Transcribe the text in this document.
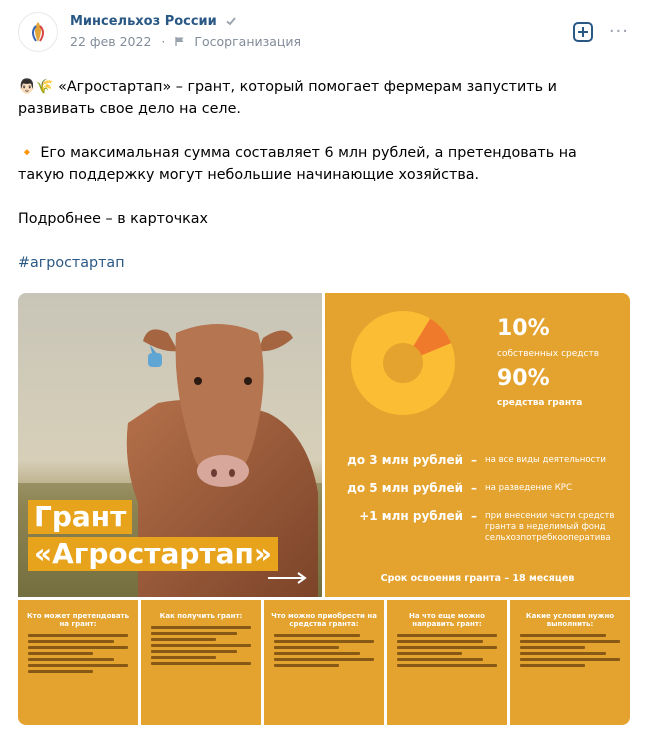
Минсельхоз России
22 фев 2022 · Госорганизация	···

👨🏻🌾 «Агростартап» – грант, который помогает фермерам запустить и развивать свое дело на селе.

🔸 Его максимальная сумма составляет 6 млн рублей, а претендовать на такую поддержку могут небольшие начинающие хозяйства.

Подробнее – в карточках

#агростартап

Грант
«Агростартап»
10%
собственных средств
90%
средства гранта
до 3 млн рублей – на все виды деятельности
до 5 млн рублей – на разведение КРС
+1 млн рублей – при внесении части средств гранта в неделимый фонд сельхозпотребкооператива
Срок освоения гранта – 18 месяцев
Кто может претендовать на грант:
Как получить грант:	Что можно приобрести на средства гранта:
На что еще можно направить грант:
Какие условия нужно выполнить:
